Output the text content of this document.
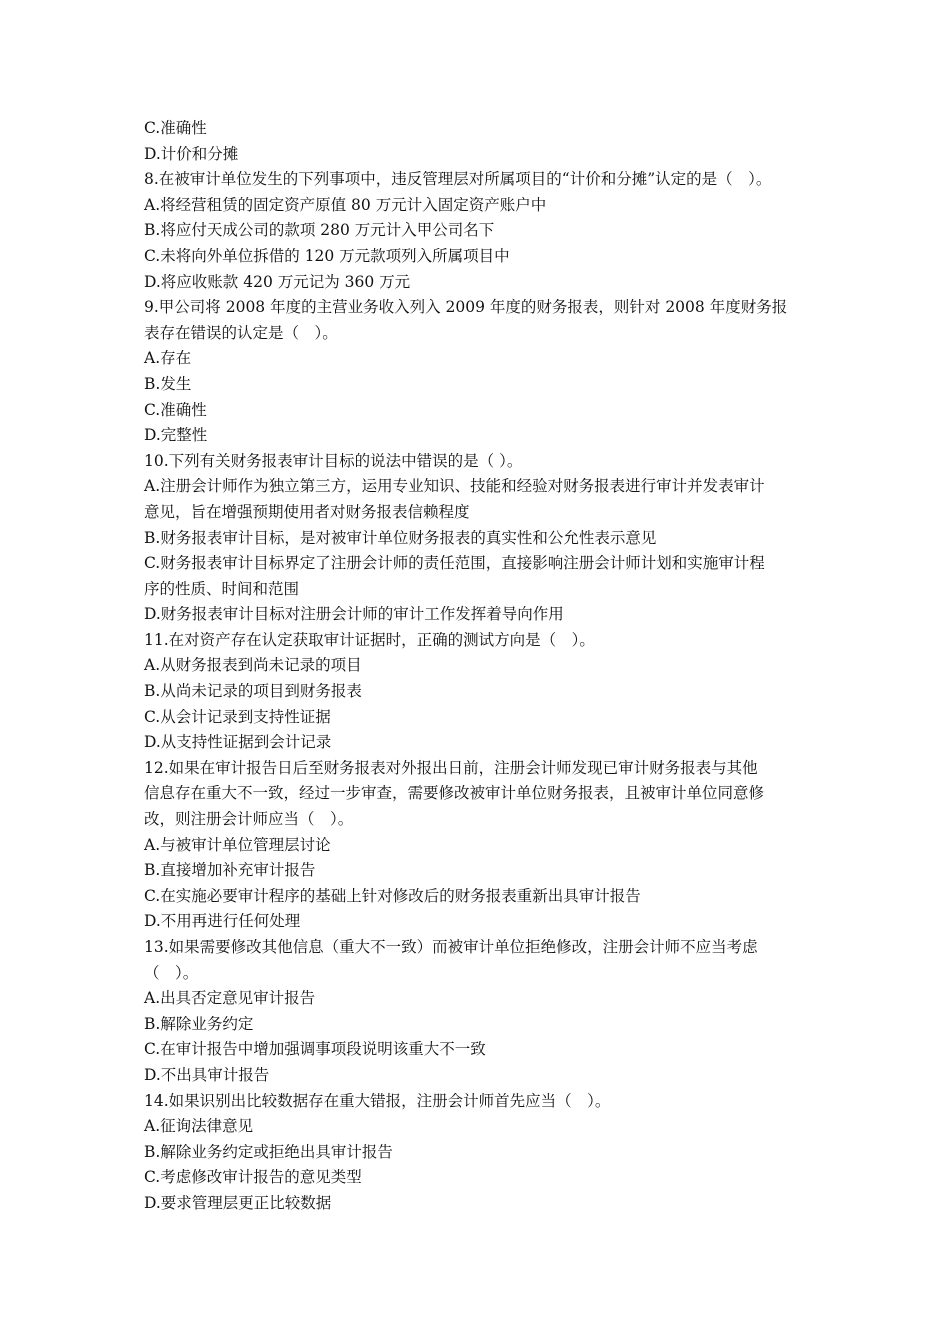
C.准确性

D.计价和分摊

8.在被审计单位发生的下列事项中，违反管理层对所属项目的“计价和分摊”认定的是（　）。

A.将经营租赁的固定资产原值 80 万元计入固定资产账户中

B.将应付天成公司的款项 280 万元计入甲公司名下

C.未将向外单位拆借的 120 万元款项列入所属项目中

D.将应收账款 420 万元记为 360 万元

9.甲公司将 2008 年度的主营业务收入列入 2009 年度的财务报表，则针对 2008 年度财务报

表存在错误的认定是（　）。

A.存在

B.发生

C.准确性

D.完整性

10.下列有关财务报表审计目标的说法中错误的是（ ）。

A.注册会计师作为独立第三方，运用专业知识、技能和经验对财务报表进行审计并发表审计

意见，旨在增强预期使用者对财务报表信赖程度

B.财务报表审计目标，是对被审计单位财务报表的真实性和公允性表示意见

C.财务报表审计目标界定了注册会计师的责任范围，直接影响注册会计师计划和实施审计程

序的性质、时间和范围

D.财务报表审计目标对注册会计师的审计工作发挥着导向作用

11.在对资产存在认定获取审计证据时，正确的测试方向是（　）。

A.从财务报表到尚未记录的项目

B.从尚未记录的项目到财务报表

C.从会计记录到支持性证据

D.从支持性证据到会计记录

12.如果在审计报告日后至财务报表对外报出日前，注册会计师发现已审计财务报表与其他

信息存在重大不一致，经过一步审查，需要修改被审计单位财务报表，且被审计单位同意修

改，则注册会计师应当（　）。

A.与被审计单位管理层讨论

B.直接增加补充审计报告

C.在实施必要审计程序的基础上针对修改后的财务报表重新出具审计报告

D.不用再进行任何处理

13.如果需要修改其他信息（重大不一致）而被审计单位拒绝修改，注册会计师不应当考虑

（　）。

A.出具否定意见审计报告

B.解除业务约定

C.在审计报告中增加强调事项段说明该重大不一致

D.不出具审计报告

14.如果识别出比较数据存在重大错报，注册会计师首先应当（　）。

A.征询法律意见

B.解除业务约定或拒绝出具审计报告

C.考虑修改审计报告的意见类型

D.要求管理层更正比较数据
